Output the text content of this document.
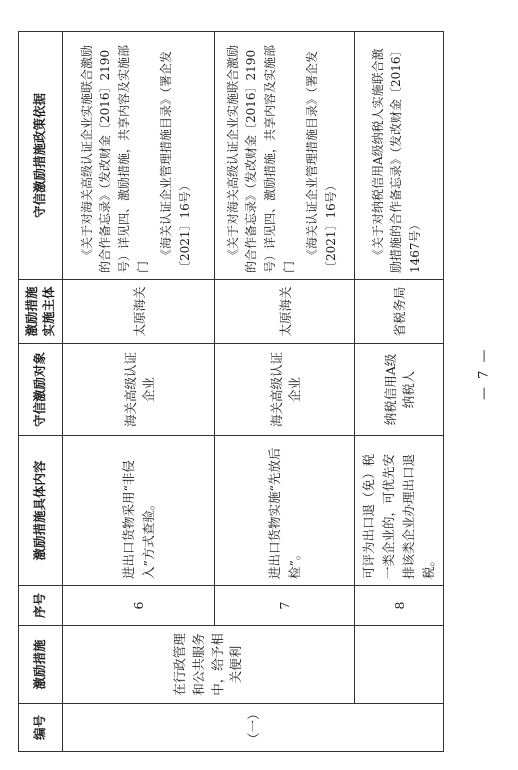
编号	激励措施	序号	激励措施具体内容	守信激励对象	激励措施实施主体	守信激励措施政策依据
（一）	在行政管理和公共服务中，给予相关便利	6	进出口货物采用“非侵入”方式查验。	海关高级认证企业	太原海关	《关于对海关高级认证企业实施联合激励的合作备忘录》（发改财金〔2016〕2190号）详见四、激励措施，共享内容及实施部门

《海关认证企业管理措施目录》（署企发〔2021〕16号）

		7	进出口货物实施“先放后检”。	海关高级认证企业	太原海关	《关于对海关高级认证企业实施联合激励的合作备忘录》（发改财金〔2016〕2190号）详见四、激励措施，共享内容及实施部门

《海关认证企业管理措施目录》（署企发〔2021〕16号）

		8	可评为出口退（免）税一类企业的，可优先安排该类企业办理出口退税。	纳税信用A级纳税人	省税务局	《关于对纳税信用A级纳税人实施联合激励措施的合作备忘录》（发改财金〔2016〕1467号）

— 7 —
